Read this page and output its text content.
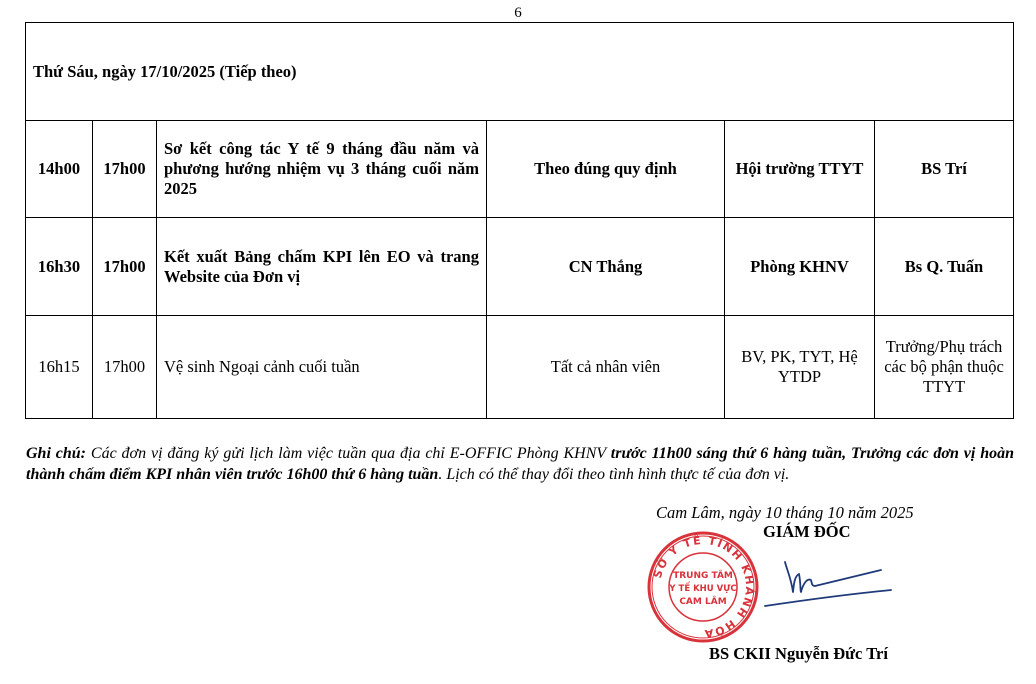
6
Thứ Sáu, ngày 17/10/2025 (Tiếp theo)					
14h00	17h00	Sơ kết công tác Y tế 9 tháng đầu năm và phương hướng nhiệm vụ 3 tháng cuối năm 2025	Theo đúng quy định	Hội trường TTYT	BS Trí
16h30	17h00	Kết xuất Bảng chấm KPI lên EO và trang Website của Đơn vị	CN Thắng	Phòng KHNV	Bs Q. Tuấn
16h15	17h00	Vệ sinh Ngoại cảnh cuối tuần	Tất cả nhân viên	BV, PK, TYT, Hệ YTDP	Trưởng/Phụ trách các bộ phận thuộc TTYT
Ghi chú: Các đơn vị đăng ký gửi lịch làm việc tuần qua địa chỉ E-OFFIC Phòng KHNV trước 11h00 sáng thứ 6 hàng tuần, Trưởng các đơn vị hoàn thành chấm điểm KPI nhân viên trước 16h00 thứ 6 hàng tuần. Lịch có thể thay đổi theo tình hình thực tế của đơn vị.
Cam Lâm, ngày 10 tháng 10 năm 2025
GIÁM ĐỐC
SỞ Y TẾ TỈNH KHÁNH HÒA
TRUNG TÂM
Y TẾ KHU VỰC
CAM LÂM
BS CKII Nguyễn Đức Trí
